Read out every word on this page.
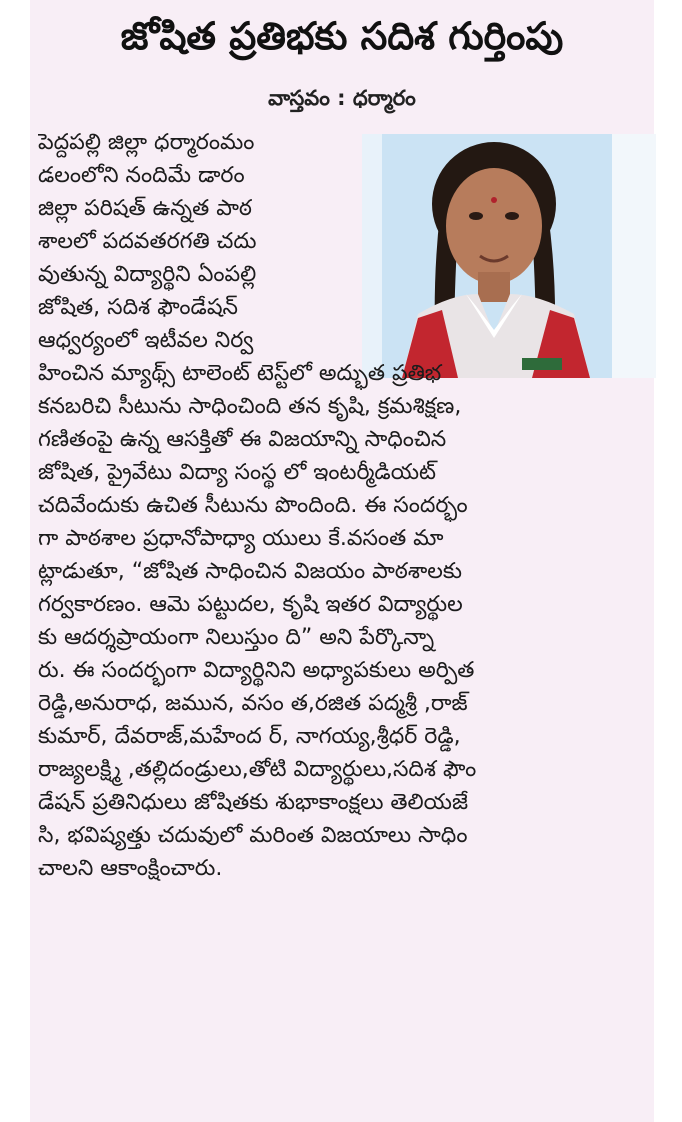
జోషిత ప్రతిభకు సదిశ గుర్తింపు
వాస్తవం : ధర్మారం
పెద్దపల్లి జిల్లా ధర్మారంమం
డలంలోని నందిమే డారం
జిల్లా పరిషత్ ఉన్నత పాఠ
శాలలో పదవతరగతి చదు
వుతున్న విద్యార్థిని ఏంపల్లి
జోషిత, సదిశ ఫౌండేషన్
ఆధ్వర్యంలో ఇటీవల నిర్వ
హించిన మ్యాథ్స్ టాలెంట్ టెస్ట్‌లో అద్భుత ప్రతిభ
కనబరిచి సీటును సాధించింది తన కృషి, క్రమశిక్షణ,
గణితంపై ఉన్న ఆసక్తితో ఈ విజయాన్ని సాధించిన
జోషిత, ప్రైవేటు విద్యా సంస్థ లో ఇంటర్మీడియట్
చదివేందుకు ఉచిత సీటును పొందింది. ఈ సందర్భం
గా పాఠశాల ప్రధానోపాధ్యా యులు కే.వసంత మా
ట్లాడుతూ, “జోషిత సాధించిన విజయం పాఠశాలకు
గర్వకారణం. ఆమె పట్టుదల, కృషి ఇతర విద్యార్థుల
కు ఆదర్శప్రాయంగా నిలుస్తుం ది” అని పేర్కొన్నా
రు. ఈ సందర్భంగా విద్యార్థినిని అధ్యాపకులు అర్పిత
రెడ్డి,అనురాధ, జమున, వసం త,రజిత పద్మశ్రీ ,రాజ్
కుమార్, దేవరాజ్,మహేంద ర్, నాగయ్య,శ్రీధర్ రెడ్డి,
రాజ్యలక్ష్మి ,తల్లిదండ్రులు,తోటి విద్యార్థులు,సదిశ ఫౌం
డేషన్ ప్రతినిధులు జోషితకు శుభాకాంక్షలు తెలియజే
సి, భవిష్యత్తు చదువులో మరింత విజయాలు సాధిం
చాలని ఆకాంక్షించారు.
